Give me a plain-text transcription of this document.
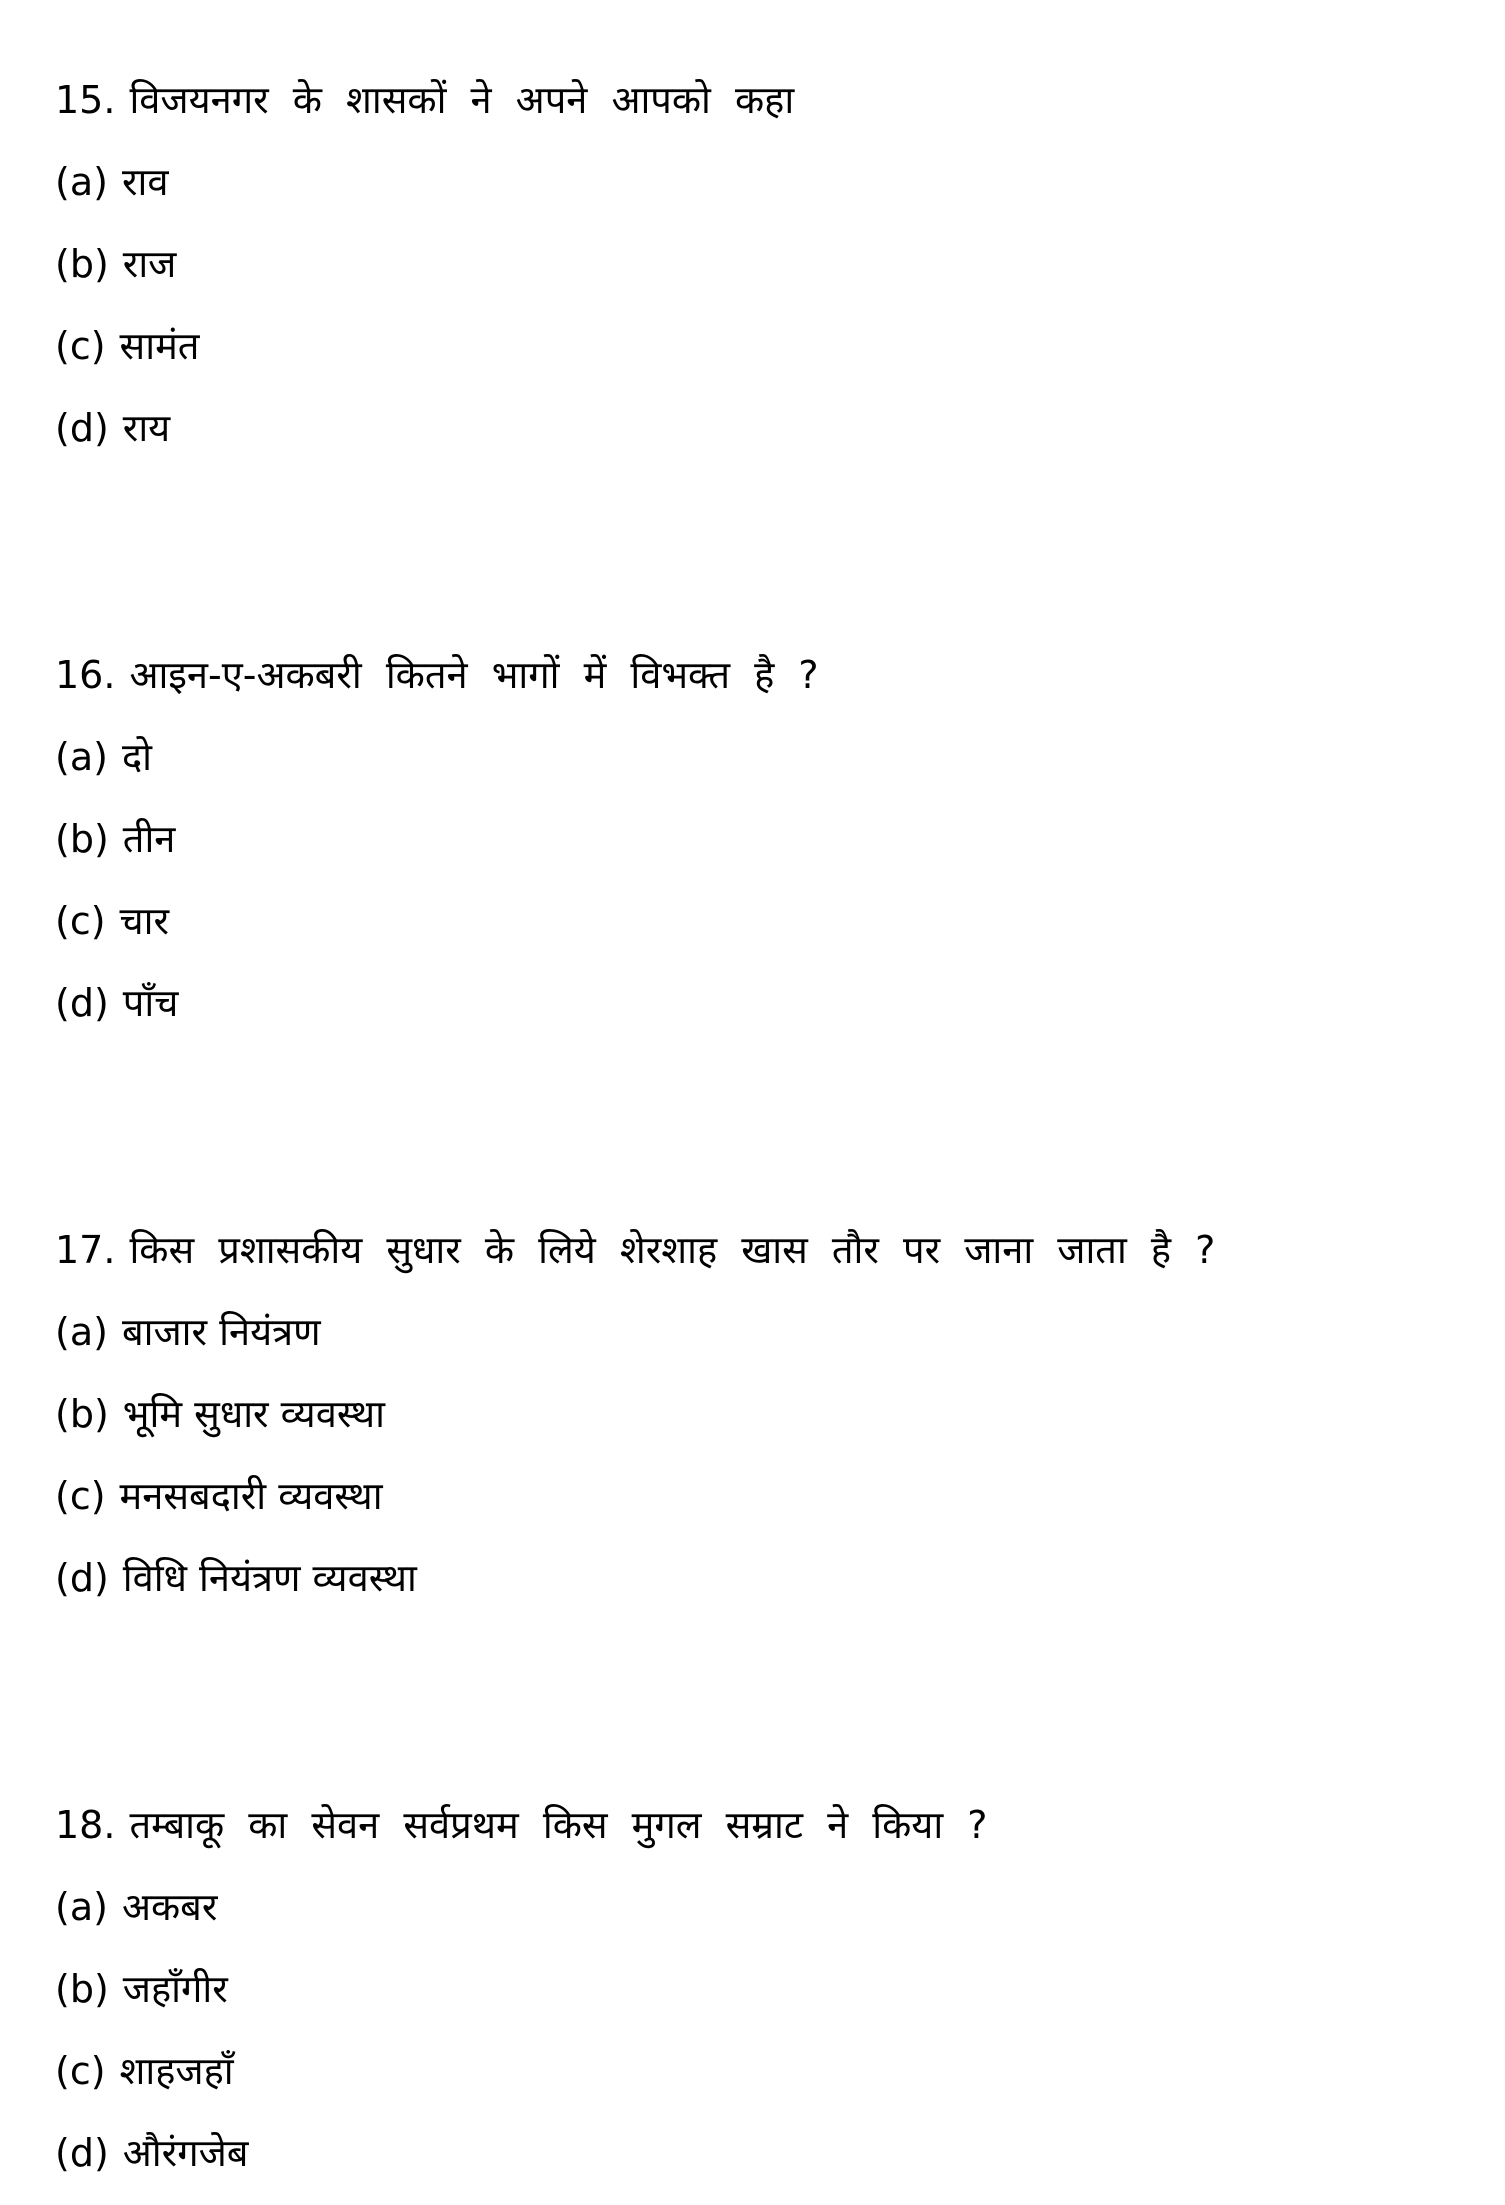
15. विजयनगर के शासकों ने अपने आपको कहा
(a) राव
(b) राज
(c) सामंत
(d) राय
16. आइन-ए-अकबरी कितने भागों में विभक्त है ?
(a) दो
(b) तीन
(c) चार
(d) पाँच
17. किस प्रशासकीय सुधार के लिये शेरशाह खास तौर पर जाना जाता है ?
(a) बाजार नियंत्रण
(b) भूमि सुधार व्यवस्था
(c) मनसबदारी व्यवस्था
(d) विधि नियंत्रण व्यवस्था
18. तम्बाकू का सेवन सर्वप्रथम किस मुगल सम्राट ने किया ?
(a) अकबर
(b) जहाँगीर
(c) शाहजहाँ
(d) औरंगजेब
